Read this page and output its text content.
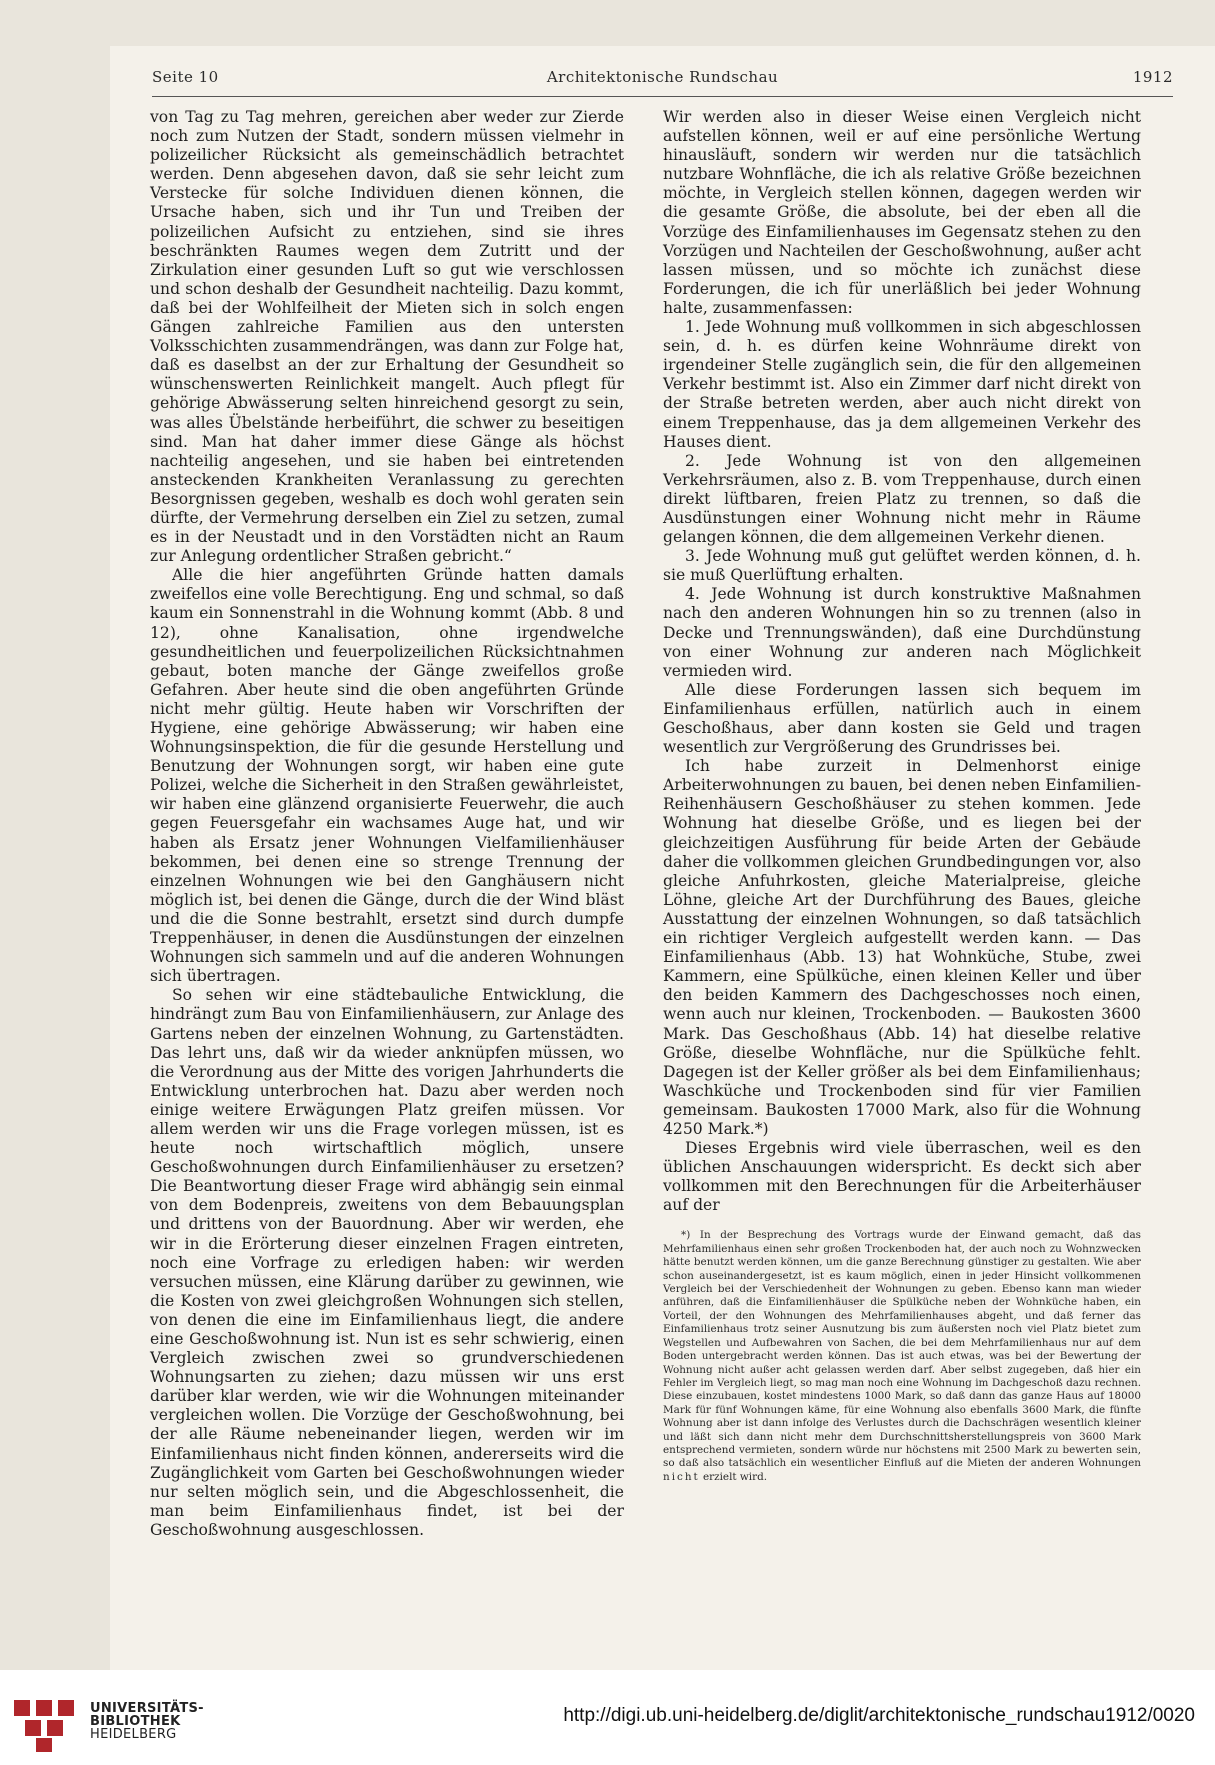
Seite 10	Architektonische Rundschau	1912

von Tag zu Tag mehren, gereichen aber weder zur Zierde noch zum Nutzen der Stadt, sondern müssen vielmehr in polizeilicher Rücksicht als gemeinschädlich betrachtet werden. Denn abgesehen davon, daß sie sehr leicht zum Verstecke für solche Individuen dienen können, die Ursache haben, sich und ihr Tun und Treiben der polizeilichen Aufsicht zu entziehen, sind sie ihres beschränkten Raumes wegen dem Zutritt und der Zirkulation einer gesunden Luft so gut wie verschlossen und schon deshalb der Gesundheit nachteilig. Dazu kommt, daß bei der Wohlfeilheit der Mieten sich in solch engen Gängen zahlreiche Familien aus den untersten Volksschichten zusammendrängen, was dann zur Folge hat, daß es daselbst an der zur Erhaltung der Gesundheit so wünschenswerten Reinlichkeit mangelt. Auch pflegt für gehörige Abwässerung selten hinreichend gesorgt zu sein, was alles Übelstände herbeiführt, die schwer zu beseitigen sind. Man hat daher immer diese Gänge als höchst nachteilig angesehen, und sie haben bei eintretenden ansteckenden Krankheiten Veranlassung zu gerechten Besorgnissen gegeben, weshalb es doch wohl geraten sein dürfte, der Vermehrung derselben ein Ziel zu setzen, zumal es in der Neustadt und in den Vorstädten nicht an Raum zur Anlegung ordentlicher Straßen gebricht.“

Alle die hier angeführten Gründe hatten damals zweifellos eine volle Berechtigung. Eng und schmal, so daß kaum ein Sonnenstrahl in die Wohnung kommt (Abb. 8 und 12), ohne Kanalisation, ohne irgendwelche gesundheitlichen und feuerpolizeilichen Rücksichtnahmen gebaut, boten manche der Gänge zweifellos große Gefahren. Aber heute sind die oben angeführten Gründe nicht mehr gültig. Heute haben wir Vorschriften der Hygiene, eine gehörige Abwässerung; wir haben eine Wohnungsinspektion, die für die gesunde Herstellung und Benutzung der Wohnungen sorgt, wir haben eine gute Polizei, welche die Sicherheit in den Straßen gewährleistet, wir haben eine glänzend organisierte Feuerwehr, die auch gegen Feuersgefahr ein wachsames Auge hat, und wir haben als Ersatz jener Wohnungen Vielfamilienhäuser bekommen, bei denen eine so strenge Trennung der einzelnen Wohnungen wie bei den Ganghäusern nicht möglich ist, bei denen die Gänge, durch die der Wind bläst und die die Sonne bestrahlt, ersetzt sind durch dumpfe Treppenhäuser, in denen die Ausdünstungen der einzelnen Wohnungen sich sammeln und auf die anderen Wohnungen sich übertragen.

So sehen wir eine städtebauliche Entwicklung, die hindrängt zum Bau von Einfamilienhäusern, zur Anlage des Gartens neben der einzelnen Wohnung, zu Gartenstädten. Das lehrt uns, daß wir da wieder anknüpfen müssen, wo die Verordnung aus der Mitte des vorigen Jahrhunderts die Entwicklung unterbrochen hat. Dazu aber werden noch einige weitere Erwägungen Platz greifen müssen. Vor allem werden wir uns die Frage vorlegen müssen, ist es heute noch wirtschaftlich möglich, unsere Geschoßwohnungen durch Einfamilienhäuser zu ersetzen? Die Beantwortung dieser Frage wird abhängig sein einmal von dem Bodenpreis, zweitens von dem Bebauungsplan und drittens von der Bauordnung. Aber wir werden, ehe wir in die Erörterung dieser einzelnen Fragen eintreten, noch eine Vorfrage zu erledigen haben: wir werden versuchen müssen, eine Klärung darüber zu gewinnen, wie die Kosten von zwei gleichgroßen Wohnungen sich stellen, von denen die eine im Einfamilienhaus liegt, die andere eine Geschoßwohnung ist. Nun ist es sehr schwierig, einen Vergleich zwischen zwei so grundverschiedenen Wohnungsarten zu ziehen; dazu müssen wir uns erst darüber klar werden, wie wir die Wohnungen miteinander vergleichen wollen. Die Vorzüge der Geschoßwohnung, bei der alle Räume nebeneinander liegen, werden wir im Einfamilienhaus nicht finden können, andererseits wird die Zugänglichkeit vom Garten bei Geschoßwohnungen wieder nur selten möglich sein, und die Abgeschlossenheit, die man beim Einfamilienhaus findet, ist bei der Geschoßwohnung ausgeschlossen.

Wir werden also in dieser Weise einen Vergleich nicht aufstellen können, weil er auf eine persönliche Wertung hinausläuft, sondern wir werden nur die tatsächlich nutzbare Wohnfläche, die ich als relative Größe bezeichnen möchte, in Vergleich stellen können, dagegen werden wir die gesamte Größe, die absolute, bei der eben all die Vorzüge des Einfamilienhauses im Gegensatz stehen zu den Vorzügen und Nachteilen der Geschoßwohnung, außer acht lassen müssen, und so möchte ich zunächst diese Forderungen, die ich für unerläßlich bei jeder Wohnung halte, zusammenfassen:

1. Jede Wohnung muß vollkommen in sich abgeschlossen sein, d. h. es dürfen keine Wohnräume direkt von irgendeiner Stelle zugänglich sein, die für den allgemeinen Verkehr bestimmt ist. Also ein Zimmer darf nicht direkt von der Straße betreten werden, aber auch nicht direkt von einem Treppenhause, das ja dem allgemeinen Verkehr des Hauses dient.

2. Jede Wohnung ist von den allgemeinen Verkehrsräumen, also z. B. vom Treppenhause, durch einen direkt lüftbaren, freien Platz zu trennen, so daß die Ausdünstungen einer Wohnung nicht mehr in Räume gelangen können, die dem allgemeinen Verkehr dienen.

3. Jede Wohnung muß gut gelüftet werden können, d. h. sie muß Querlüftung erhalten.

4. Jede Wohnung ist durch konstruktive Maßnahmen nach den anderen Wohnungen hin so zu trennen (also in Decke und Trennungswänden), daß eine Durchdünstung von einer Wohnung zur anderen nach Möglichkeit vermieden wird.

Alle diese Forderungen lassen sich bequem im Einfamilienhaus erfüllen, natürlich auch in einem Geschoßhaus, aber dann kosten sie Geld und tragen wesentlich zur Vergrößerung des Grundrisses bei.

Ich habe zurzeit in Delmenhorst einige Arbeiterwohnungen zu bauen, bei denen neben Einfamilien-Reihenhäusern Geschoßhäuser zu stehen kommen. Jede Wohnung hat dieselbe Größe, und es liegen bei der gleichzeitigen Ausführung für beide Arten der Gebäude daher die vollkommen gleichen Grundbedingungen vor, also gleiche Anfuhrkosten, gleiche Materialpreise, gleiche Löhne, gleiche Art der Durchführung des Baues, gleiche Ausstattung der einzelnen Wohnungen, so daß tatsächlich ein richtiger Vergleich aufgestellt werden kann. — Das Einfamilienhaus (Abb. 13) hat Wohnküche, Stube, zwei Kammern, eine Spülküche, einen kleinen Keller und über den beiden Kammern des Dachgeschosses noch einen, wenn auch nur kleinen, Trockenboden. — Baukosten 3600 Mark. Das Geschoßhaus (Abb. 14) hat dieselbe relative Größe, dieselbe Wohnfläche, nur die Spülküche fehlt. Dagegen ist der Keller größer als bei dem Einfamilienhaus; Waschküche und Trockenboden sind für vier Familien gemeinsam. Baukosten 17000 Mark, also für die Wohnung 4250 Mark.*)

Dieses Ergebnis wird viele überraschen, weil es den üblichen Anschauungen widerspricht. Es deckt sich aber vollkommen mit den Berechnungen für die Arbeiterhäuser auf der

*) In der Besprechung des Vortrags wurde der Einwand gemacht, daß das Mehrfamilienhaus einen sehr großen Trockenboden hat, der auch noch zu Wohnzwecken hätte benutzt werden können, um die ganze Berechnung günstiger zu gestalten. Wie aber schon auseinandergesetzt, ist es kaum möglich, einen in jeder Hinsicht vollkommenen Vergleich bei der Verschiedenheit der Wohnungen zu geben. Ebenso kann man wieder anführen, daß die Einfamilienhäuser die Spülküche neben der Wohnküche haben, ein Vorteil, der den Wohnungen des Mehrfamilienhauses abgeht, und daß ferner das Einfamilienhaus trotz seiner Ausnutzung bis zum äußersten noch viel Platz bietet zum Wegstellen und Aufbewahren von Sachen, die bei dem Mehrfamilienhaus nur auf dem Boden untergebracht werden können. Das ist auch etwas, was bei der Bewertung der Wohnung nicht außer acht gelassen werden darf. Aber selbst zugegeben, daß hier ein Fehler im Vergleich liegt, so mag man noch eine Wohnung im Dachgeschoß dazu rechnen. Diese einzubauen, kostet mindestens 1000 Mark, so daß dann das ganze Haus auf 18000 Mark für fünf Wohnungen käme, für eine Wohnung also ebenfalls 3600 Mark, die fünfte Wohnung aber ist dann infolge des Verlustes durch die Dachschrägen wesentlich kleiner und läßt sich dann nicht mehr dem Durchschnittsherstellungspreis von 3600 Mark entsprechend vermieten, sondern würde nur höchstens mit 2500 Mark zu bewerten sein, so daß also tatsächlich ein wesentlicher Einfluß auf die Mieten der anderen Wohnungen nicht erzielt wird.
UNIVERSITÄTS-
BIBLIOTHEK
HEIDELBERG
http://digi.ub.uni-heidelberg.de/diglit/architektonische_rundschau1912/0020
